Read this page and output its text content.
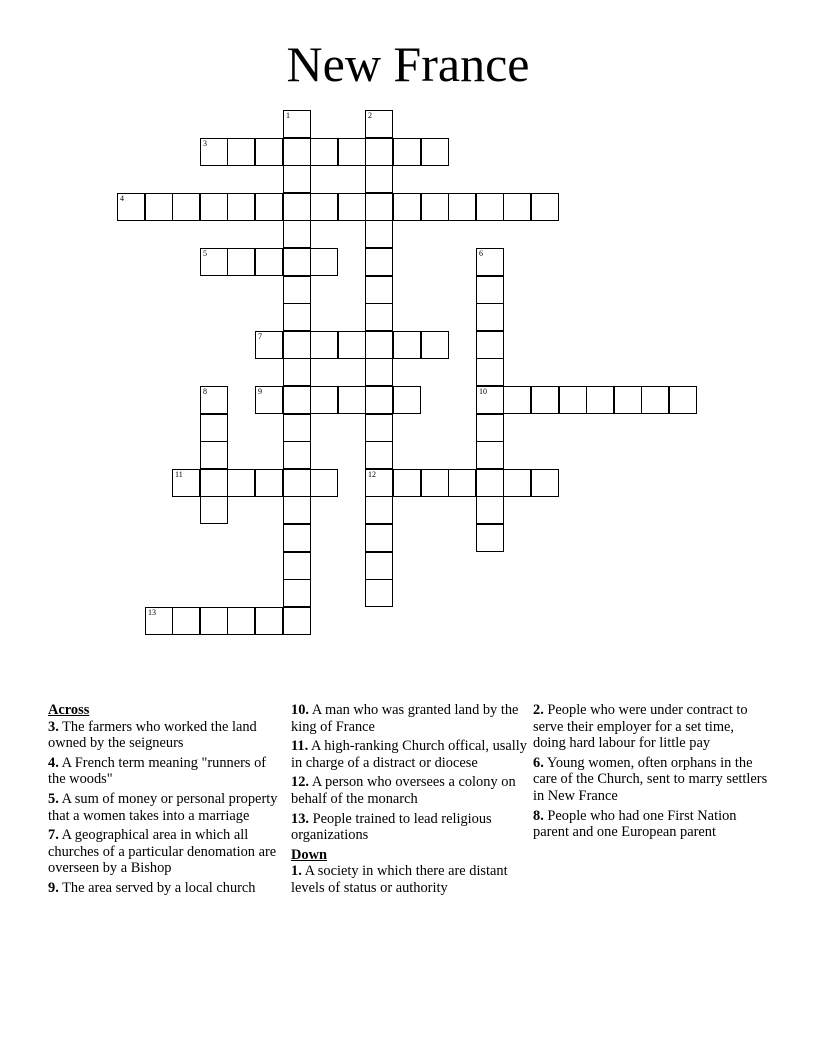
New France
1	2
3
4
5	6
7
8	9	10
11	12
13

Across

3. The farmers who worked the land owned by the seigneurs

4. A French term meaning "runners of the woods"

5. A sum of money or personal property that a women takes into a marriage

7. A geographical area in which all churches of a particular denomation are overseen by a Bishop

9. The area served by a local church

10. A man who was granted land by the king of France

11. A high-ranking Church offical, usally in charge of a distract or diocese

12. A person who oversees a colony on behalf of the monarch

13. People trained to lead religious organizations

Down

1. A society in which there are distant levels of status or authority

2. People who were under contract to serve their employer for a set time, doing hard labour for little pay

6. Young women, often orphans in the care of the Church, sent to marry settlers in New France

8. People who had one First Nation parent and one European parent
